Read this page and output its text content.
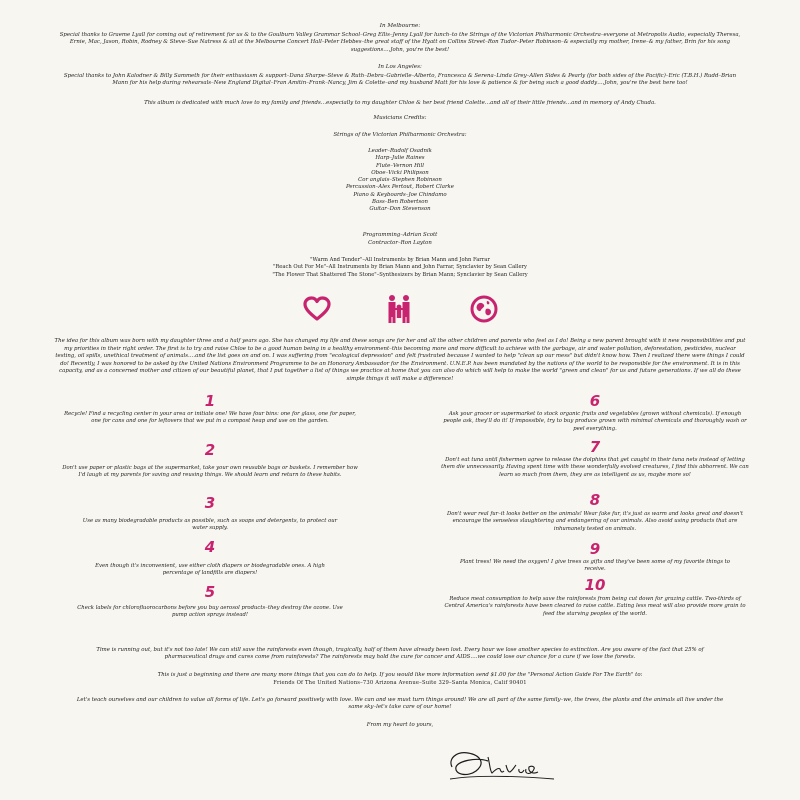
In Melbourne:
Special thanks to Graeme Lyall for coming out of retirement for us & to the Goulburn Valley Grammar School–Greg Ellis–Jenny Lyall for lunch–to the Strings of the Victorian Philharmonic Orchestra–everyone at Metropolis Audio, especially Theresa, Ernie, Mac, Jason, Robin, Rodney & Steve–Sue Natress & all at the Melbourne Concert Hall–Peter Hebbes–the great staff of the Hyatt on Collins Street–Ron Tudor–Peter Robinson–& especially my mother, Irene–& my father, Brin for his song suggestions….John, you're the best!
In Los Angeles:
Special thanks to John Kalodner & Billy Sammeth for their enthusiasm & support–Dana Sharpe–Steve & Ruth–Debra–Gabrielle–Alberto, Francesca & Serena–Linda Grey–Allen Sides & Pearly (for both sides of the Pacific)–Eric (T.B.H.) Rudd–Brian Mann for his help during rehearsals–New England Digital–Fran Amitin–Frank–Nancy, Jim & Colette–and my husband Matt for his love & patience & for being such a good daddy….John, you're the best here too!
This album is dedicated with much love to my family and friends…especially to my daughter Chloe & her best friend Colette…and all of their little friends…and in memory of Andy Chuda.
Musicians Credits:
Strings of the Victorian Philharmonic Orchestra:
Leader–Rudolf Osadnik
Harp–Julie Raines
Flute–Vernon Hill
Oboe–Vicki Philipson
Cor anglais–Stephen Robinson
Percussion–Alex Pertout, Robert Clarke
Piano & Keyboards–Joe Chindamo
Bass–Ben Robertson
Guitar–Don Stevenson
Programming–Adrian Scott
Contractor–Ron Layton
"Warm And Tender"–All Instruments by Brian Mann and John Farrar
"Reach Out For Me"–All Instruments by Brian Mann and John Farrar, Synclavier by Sean Callery
"The Flower That Shattered The Stone"–Synthesizers by Brian Mann; Synclavier by Sean Callery
The idea for this album was born with my daughter three and a half years ago. She has changed my life and these songs are for her and all the other children and parents who feel as I do! Being a new parent brought with it new responsibilities and put my priorities in their right order. The first is to try and raise Chloe to be a good human being in a healthy environment–this becoming more and more difficult to achieve with the garbage, air and water pollution, deforestation, pesticides, nuclear testing, oil spills, unethical treatment of animals….and the list goes on and on. I was suffering from "ecological depression" and felt frustrated because I wanted to help "clean up our mess" but didn't know how. Then I realized there were things I could do! Recently, I was honored to be asked by the United Nations Environment Programme to be an Honorary Ambassador for the Environment. U.N.E.P. has been mandated by the nations of the world to be responsible for the environment. It is in this capacity, and as a concerned mother and citizen of our beautiful planet, that I put together a list of things we practice at home that you can also do which will help to make the world "green and clean" for us and future generations. If we all do these simple things it will make a difference!
1
Recycle! Find a recycling center in your area or initiate one! We have four bins: one for glass, one for paper, one for cans and one for leftovers that we put in a compost heap and use on the garden.
2
Don't use paper or plastic bags at the supermarket, take your own reusable bags or baskets. I remember how I'd laugh at my parents for saving and reusing things. We should learn and return to these habits.
3
Use as many biodegradable products as possible, such as soaps and detergents, to protect our water supply.
4
Even though it's inconvenient, use either cloth diapers or biodegradable ones. A high percentage of landfills are diapers!
5
Check labels for chlorofluorocarbons before you buy aerosol products–they destroy the ozone. Use pump action sprays instead!
6
Ask your grocer or supermarket to stock organic fruits and vegetables (grown without chemicals). If enough people ask, they'll do it! If impossible, try to buy produce grown with minimal chemicals and thoroughly wash or peel everything.
7
Don't eat tuna until fishermen agree to release the dolphins that get caught in their tuna nets instead of letting them die unnecessarily. Having spent time with these wonderfully evolved creatures, I find this abhorrent. We can learn so much from them, they are as intelligent as us, maybe more so!
8
Don't wear real fur–it looks better on the animals! Wear fake fur, it's just as warm and looks great and doesn't encourage the senseless slaughtering and endangering of our animals. Also avoid using products that are inhumanely tested on animals.
9
Plant trees! We need the oxygen! I give trees as gifts and they've been some of my favorite things to receive.
10
Reduce meat consumption to help save the rainforests from being cut down for grazing cattle. Two-thirds of Central America's rainforests have been cleared to raise cattle. Eating less meat will also provide more grain to feed the starving peoples of the world.
Time is running out, but it's not too late! We can still save the rainforests even though, tragically, half of them have already been lost. Every hour we lose another species to extinction. Are you aware of the fact that 25% of pharmaceutical drugs and cures come from rainforests? The rainforests may hold the cure for cancer and AIDS….we could lose our chance for a cure if we lose the forests.
This is just a beginning and there are many more things that you can do to help. If you would like more information send $1.00 for the "Personal Action Guide For The Earth" to:
Friends Of The United Nations–730 Arizona Avenue–Suite 329–Santa Monica, Calif 90401
Let's teach ourselves and our children to value all forms of life. Let's go forward positively with love. We can and we must turn things around! We are all part of the same family–we, the trees, the plants and the animals all live under the same sky–let's take care of our home!
From my heart to yours,
